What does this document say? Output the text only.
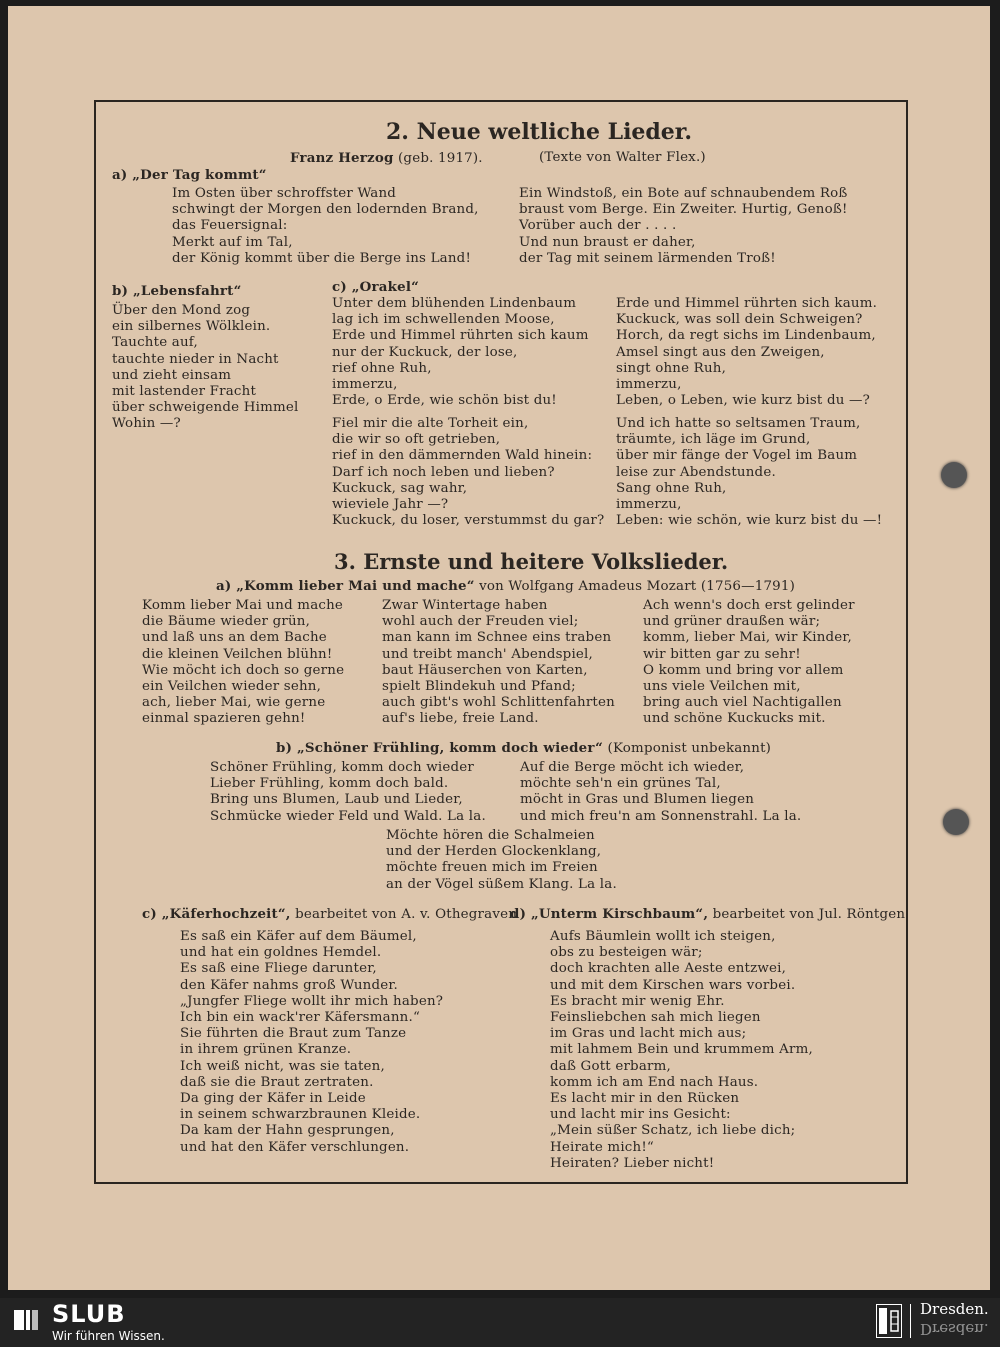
2. Neue weltliche Lieder.
Franz Herzog (geb. 1917).	(Texte von Walter Flex.)
a) „Der Tag kommt“
Im Osten über schroffster Wand
schwingt der Morgen den lodernden Brand,
das Feuersignal:
Merkt auf im Tal,
der König kommt über die Berge ins Land!
Ein Windstoß, ein Bote auf schnaubendem Roß
braust vom Berge. Ein Zweiter. Hurtig, Genoß!
Vorüber auch der . . . .
Und nun braust er daher,
der Tag mit seinem lärmenden Troß!
b) „Lebensfahrt“
Über den Mond zog
ein silbernes Wölklein.
Tauchte auf,
tauchte nieder in Nacht
und zieht einsam
mit lastender Fracht
über schweigende Himmel
Wohin —?
c) „Orakel“
Unter dem blühenden Lindenbaum
lag ich im schwellenden Moose,
Erde und Himmel rührten sich kaum
nur der Kuckuck, der lose,
rief ohne Ruh,
immerzu,
Erde, o Erde, wie schön bist du!
Fiel mir die alte Torheit ein,
die wir so oft getrieben,
rief in den dämmernden Wald hinein:
Darf ich noch leben und lieben?
Kuckuck, sag wahr,
wieviele Jahr —?
Kuckuck, du loser, verstummst du gar?
Erde und Himmel rührten sich kaum.
Kuckuck, was soll dein Schweigen?
Horch, da regt sichs im Lindenbaum,
Amsel singt aus den Zweigen,
singt ohne Ruh,
immerzu,
Leben, o Leben, wie kurz bist du —?
Und ich hatte so seltsamen Traum,
träumte, ich läge im Grund,
über mir fänge der Vogel im Baum
leise zur Abendstunde.
Sang ohne Ruh,
immerzu,
Leben: wie schön, wie kurz bist du —!
3. Ernste und heitere Volkslieder.
a) „Komm lieber Mai und mache“ von Wolfgang Amadeus Mozart (1756—1791)
Komm lieber Mai und mache
die Bäume wieder grün,
und laß uns an dem Bache
die kleinen Veilchen blühn!
Wie möcht ich doch so gerne
ein Veilchen wieder sehn,
ach, lieber Mai, wie gerne
einmal spazieren gehn!
Zwar Wintertage haben
wohl auch der Freuden viel;
man kann im Schnee eins traben
und treibt manch' Abendspiel,
baut Häuserchen von Karten,
spielt Blindekuh und Pfand;
auch gibt's wohl Schlittenfahrten
auf's liebe, freie Land.
Ach wenn's doch erst gelinder
und grüner draußen wär;
komm, lieber Mai, wir Kinder,
wir bitten gar zu sehr!
O komm und bring vor allem
uns viele Veilchen mit,
bring auch viel Nachtigallen
und schöne Kuckucks mit.
b) „Schöner Frühling, komm doch wieder“ (Komponist unbekannt)
Schöner Frühling, komm doch wieder
Lieber Frühling, komm doch bald.
Bring uns Blumen, Laub und Lieder,
Schmücke wieder Feld und Wald. La la.
Auf die Berge möcht ich wieder,
möchte seh'n ein grünes Tal,
möcht in Gras und Blumen liegen
und mich freu'n am Sonnenstrahl. La la.
Möchte hören die Schalmeien
und der Herden Glockenklang,
möchte freuen mich im Freien
an der Vögel süßem Klang. La la.
c) „Käferhochzeit“, bearbeitet von A. v. Othegraven
Es saß ein Käfer auf dem Bäumel,
und hat ein goldnes Hemdel.
Es saß eine Fliege darunter,
den Käfer nahms groß Wunder.
„Jungfer Fliege wollt ihr mich haben?
Ich bin ein wack'rer Käfersmann.“
Sie führten die Braut zum Tanze
in ihrem grünen Kranze.
Ich weiß nicht, was sie taten,
daß sie die Braut zertraten.
Da ging der Käfer in Leide
in seinem schwarzbraunen Kleide.
Da kam der Hahn gesprungen,
und hat den Käfer verschlungen.
d) „Unterm Kirschbaum“, bearbeitet von Jul. Röntgen
Aufs Bäumlein wollt ich steigen,
obs zu besteigen wär;
doch krachten alle Aeste entzwei,
und mit dem Kirschen wars vorbei.
Es bracht mir wenig Ehr.
Feinsliebchen sah mich liegen
im Gras und lacht mich aus;
mit lahmem Bein und krummem Arm,
daß Gott erbarm,
komm ich am End nach Haus.
Es lacht mir in den Rücken
und lacht mir ins Gesicht:
„Mein süßer Schatz, ich liebe dich;
Heirate mich!“
Heiraten? Lieber nicht!
SLUB
Wir führen Wissen.
Dresden.
Dresden.
